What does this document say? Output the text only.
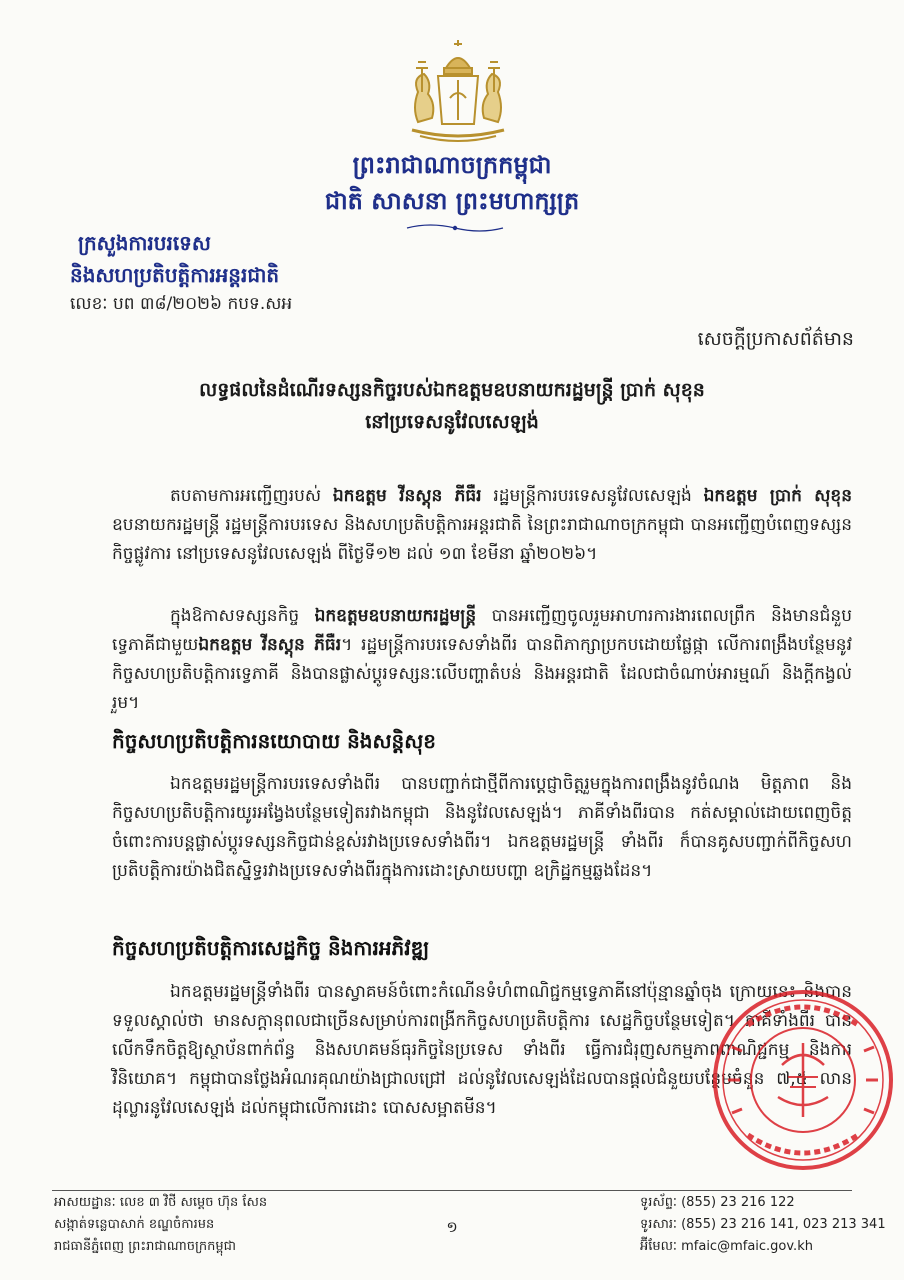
ព្រះរាជាណាចក្រកម្ពុជា
ជាតិ សាសនា ព្រះមហាក្សត្រ
ក្រសួងការបរទេស
និងសហប្រតិបត្តិការអន្តរជាតិ
លេខៈ បព ៣៨/២០២៦ កបទ.សអ
សេចក្តីប្រកាសព័ត៌មាន
លទ្ធផលនៃដំណើរទស្សនកិច្ចរបស់ឯកឧត្តមឧបនាយករដ្ឋមន្ត្រី ប្រាក់ សុខុន
នៅប្រទេសនូវែលសេឡង់

តបតាមការអញ្ជើញរបស់ ឯកឧត្តម វីនស្តុន ភីធឺរ រដ្ឋមន្ត្រីការបរទេសនូវែលសេឡង់ ឯកឧត្តម ប្រាក់ សុខុន ឧបនាយករដ្ឋមន្ត្រី រដ្ឋមន្ត្រីការបរទេស និងសហប្រតិបត្តិការអន្តរជាតិ នៃព្រះរាជាណាចក្រកម្ពុជា បានអញ្ជើញបំពេញទស្សនកិច្ចផ្លូវការ នៅប្រទេសនូវែលសេឡង់ ពីថ្ងៃទី១២ ដល់ ១៣ ខែមីនា ឆ្នាំ២០២៦។

ក្នុងឱកាសទស្សនកិច្ច ឯកឧត្តមឧបនាយករដ្ឋមន្ត្រី បានអញ្ជើញចូលរួមអាហារការងារពេលព្រឹក និងមានជំនួបទ្វេភាគីជាមួយឯកឧត្តម វីនស្តុន ភីធឺរ។ រដ្ឋមន្ត្រីការបរទេសទាំងពីរ បានពិភាក្សាប្រកបដោយផ្លែផ្កា លើការពង្រឹងបន្ថែមនូវកិច្ចសហប្រតិបត្តិការទ្វេភាគី និងបានផ្លាស់ប្តូរទស្សនៈលើបញ្ហាតំបន់ និងអន្តរជាតិ ដែលជាចំណាប់អារម្មណ៍ និងក្តីកង្វល់រួម។

កិច្ចសហប្រតិបត្តិការនយោបាយ និងសន្តិសុខ

ឯកឧត្តមរដ្ឋមន្ត្រីការបរទេសទាំងពីរ បានបញ្ជាក់ជាថ្មីពីការប្តេជ្ញាចិត្តរួមក្នុងការពង្រឹងនូវចំណង មិត្តភាព និងកិច្ចសហប្រតិបត្តិការយូរអង្វែងបន្ថែមទៀតរវាងកម្ពុជា និងនូវែលសេឡង់។ ភាគីទាំងពីរបាន កត់សម្គាល់ដោយពេញចិត្តចំពោះការបន្តផ្លាស់ប្តូរទស្សនកិច្ចជាន់ខ្ពស់រវាងប្រទេសទាំងពីរ។ ឯកឧត្តមរដ្ឋមន្ត្រី ទាំងពីរ ក៏បានគូសបញ្ជាក់ពីកិច្ចសហប្រតិបត្តិការយ៉ាងជិតស្និទ្ធរវាងប្រទេសទាំងពីរក្នុងការដោះស្រាយបញ្ហា ឧក្រិដ្ឋកម្មឆ្លងដែន។

កិច្ចសហប្រតិបត្តិការសេដ្ឋកិច្ច និងការអភិវឌ្ឍ

ឯកឧត្តមរដ្ឋមន្ត្រីទាំងពីរ បានស្វាគមន៍ចំពោះកំណើនទំហំពាណិជ្ជកម្មទ្វេភាគីនៅប៉ុន្មានឆ្នាំចុង ក្រោយនេះ និងបានទទួលស្គាល់ថា មានសក្តានុពលជាច្រើនសម្រាប់ការពង្រីកកិច្ចសហប្រតិបត្តិការ សេដ្ឋកិច្ចបន្ថែមទៀត។ ភាគីទាំងពីរ បានលើកទឹកចិត្តឱ្យស្ថាប័នពាក់ព័ន្ធ និងសហគមន៍ធុរកិច្ចនៃប្រទេស ទាំងពីរ ធ្វើការជំរុញសកម្មភាពពាណិជ្ជកម្ម និងការវិនិយោគ។ កម្ពុជាបានថ្លែងអំណរគុណយ៉ាងជ្រាលជ្រៅ ដល់នូវែលសេឡង់ដែលបានផ្តល់ជំនួយបន្ថែមចំនួន ៧,៥ លានដុល្លារនូវែលសេឡង់ ដល់កម្ពុជាលើការដោះ បោសសម្អាតមីន។

អាសយដ្ឋានៈ លេខ ៣ វិថី សម្តេច ហ៊ុន សែន
សង្កាត់ទន្លេបាសាក់ ខណ្ឌចំការមន
រាជធានីភ្នំពេញ ព្រះរាជាណាចក្រកម្ពុជា
១
ទូរស័ព្ទៈ (855) 23 216 122
ទូរសារៈ (855) 23 216 141, 023 213 341
អ៊ីមែលៈ mfaic@mfaic.gov.kh
